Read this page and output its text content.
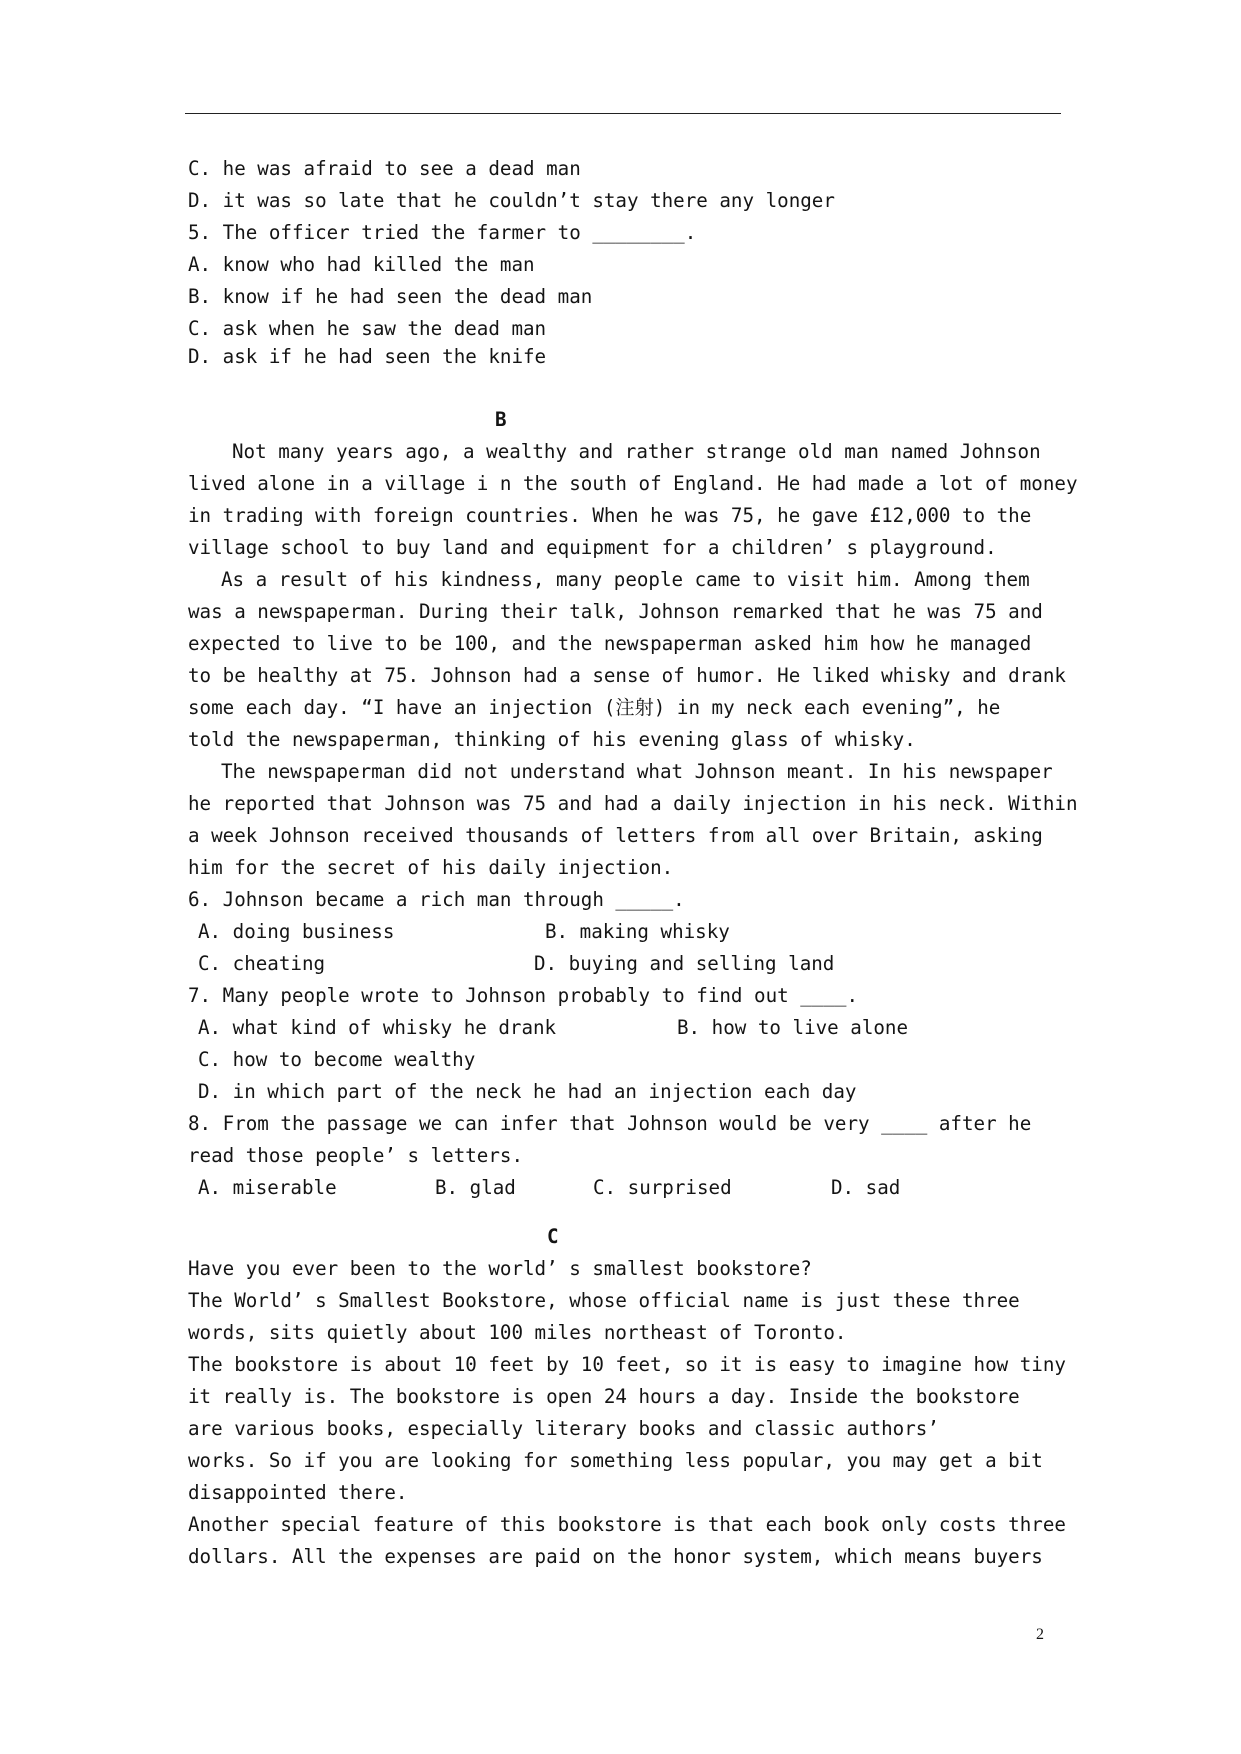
C. he was afraid to see a dead man
D. it was so late that he couldn’t stay there any longer
5. The officer tried the farmer to ________.
A. know who had killed the man
B. know if he had seen the dead man
C. ask when he saw the dead man
D. ask if he had seen the knife
B
Not many years ago, a wealthy and rather strange old man named Johnson
lived alone in a village i n the south of England. He had made a lot of money
in trading with foreign countries. When he was 75, he gave £12,000 to the
village school to buy land and equipment for a children’ s playground.
As a result of his kindness, many people came to visit him. Among them
was a newspaperman. During their talk, Johnson remarked that he was 75 and
expected to live to be 100, and the newspaperman asked him how he managed
to be healthy at 75. Johnson had a sense of humor. He liked whisky and drank
some each day. “I have an injection (注射) in my neck each evening”, he
told the newspaperman, thinking of his evening glass of whisky.
The newspaperman did not understand what Johnson meant. In his newspaper
he reported that Johnson was 75 and had a daily injection in his neck. Within
a week Johnson received thousands of letters from all over Britain, asking
him for the secret of his daily injection.
6. Johnson became a rich man through _____.
A. doing business	B. making whisky
C. cheating	D. buying and selling land
7. Many people wrote to Johnson probably to find out ____.
A. what kind of whisky he drank	B. how to live alone
C. how to become wealthy
D. in which part of the neck he had an injection each day
8. From the passage we can infer that Johnson would be very ____ after he
read those people’ s letters.
A. miserable	B. glad	C. surprised	D. sad
C
Have you ever been to the world’ s smallest bookstore?
The World’ s Smallest Bookstore, whose official name is just these three
words, sits quietly about 100 miles northeast of Toronto.
The bookstore is about 10 feet by 10 feet, so it is easy to imagine how tiny
it really is. The bookstore is open 24 hours a day. Inside the bookstore
are various books, especially literary books and classic authors’
works. So if you are looking for something less popular, you may get a bit
disappointed there.
Another special feature of this bookstore is that each book only costs three
dollars. All the expenses are paid on the honor system, which means buyers
2
